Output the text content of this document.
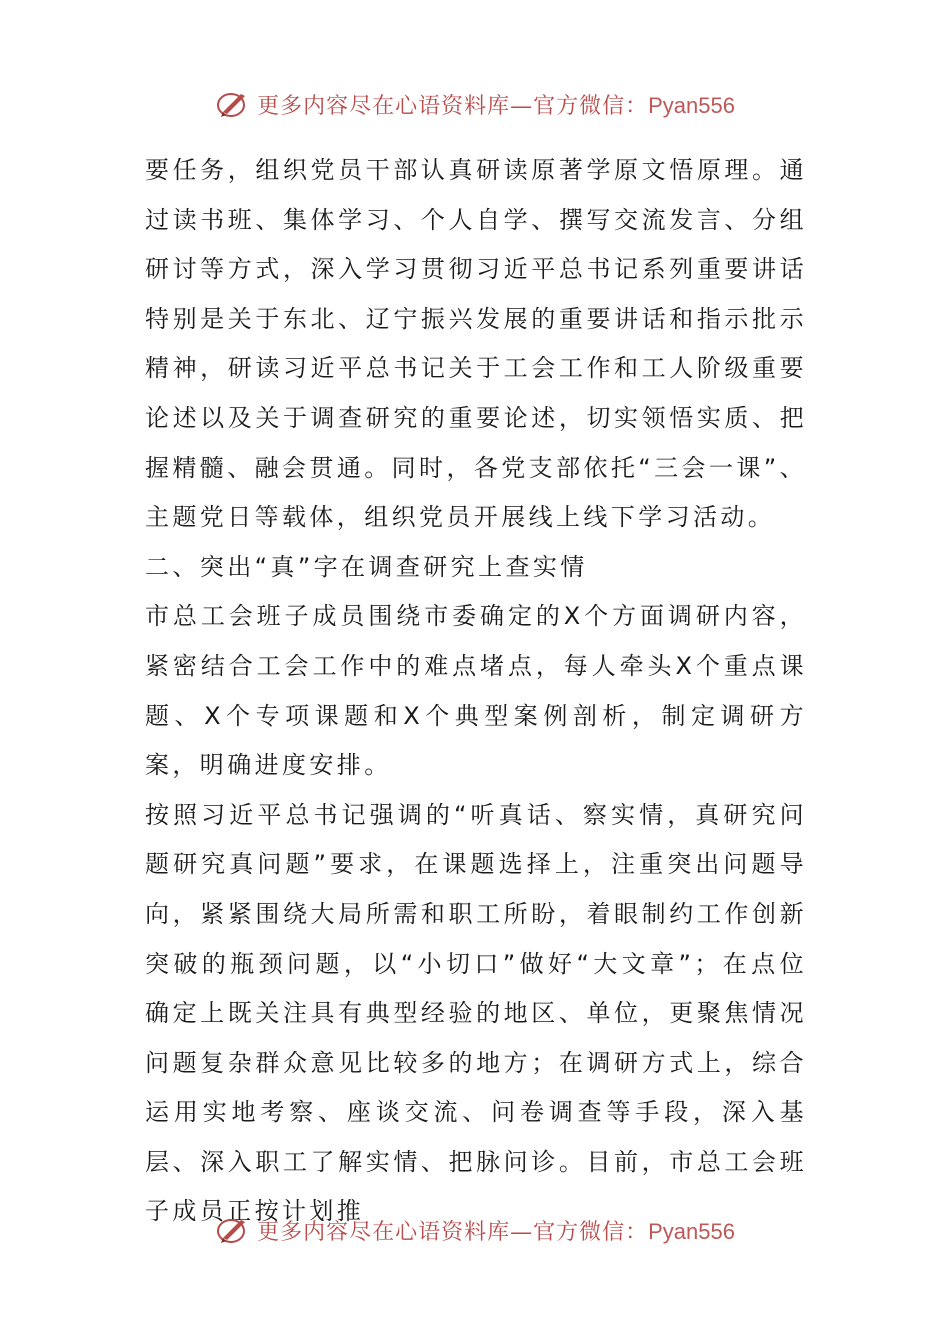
更多内容尽在心语资料库—官方微信：Pyan556

要任务，组织党员干部认真研读原著学原文悟原理。通过读书班、集体学习、个人自学、撰写交流发言、分组研讨等方式，深入学习贯彻习近平总书记系列重要讲话特别是关于东北、辽宁振兴发展的重要讲话和指示批示精神，研读习近平总书记关于工会工作和工人阶级重要论述以及关于调查研究的重要论述，切实领悟实质、把握精髓、融会贯通。同时，各党支部依托“三会一课”、主题党日等载体，组织党员开展线上线下学习活动。

二、突出“真”字在调查研究上查实情

市总工会班子成员围绕市委确定的X个方面调研内容，紧密结合工会工作中的难点堵点，每人牵头X个重点课题、X个专项课题和X个典型案例剖析，制定调研方案，明确进度安排。

按照习近平总书记强调的“听真话、察实情，真研究问题研究真问题”要求，在课题选择上，注重突出问题导向，紧紧围绕大局所需和职工所盼，着眼制约工作创新突破的瓶颈问题，以“小切口”做好“大文章”；在点位确定上既关注具有典型经验的地区、单位，更聚焦情况问题复杂群众意见比较多的地方；在调研方式上，综合运用实地考察、座谈交流、问卷调查等手段，深入基层、深入职工了解实情、把脉问诊。目前，市总工会班子成员正按计划推

更多内容尽在心语资料库—官方微信：Pyan556
